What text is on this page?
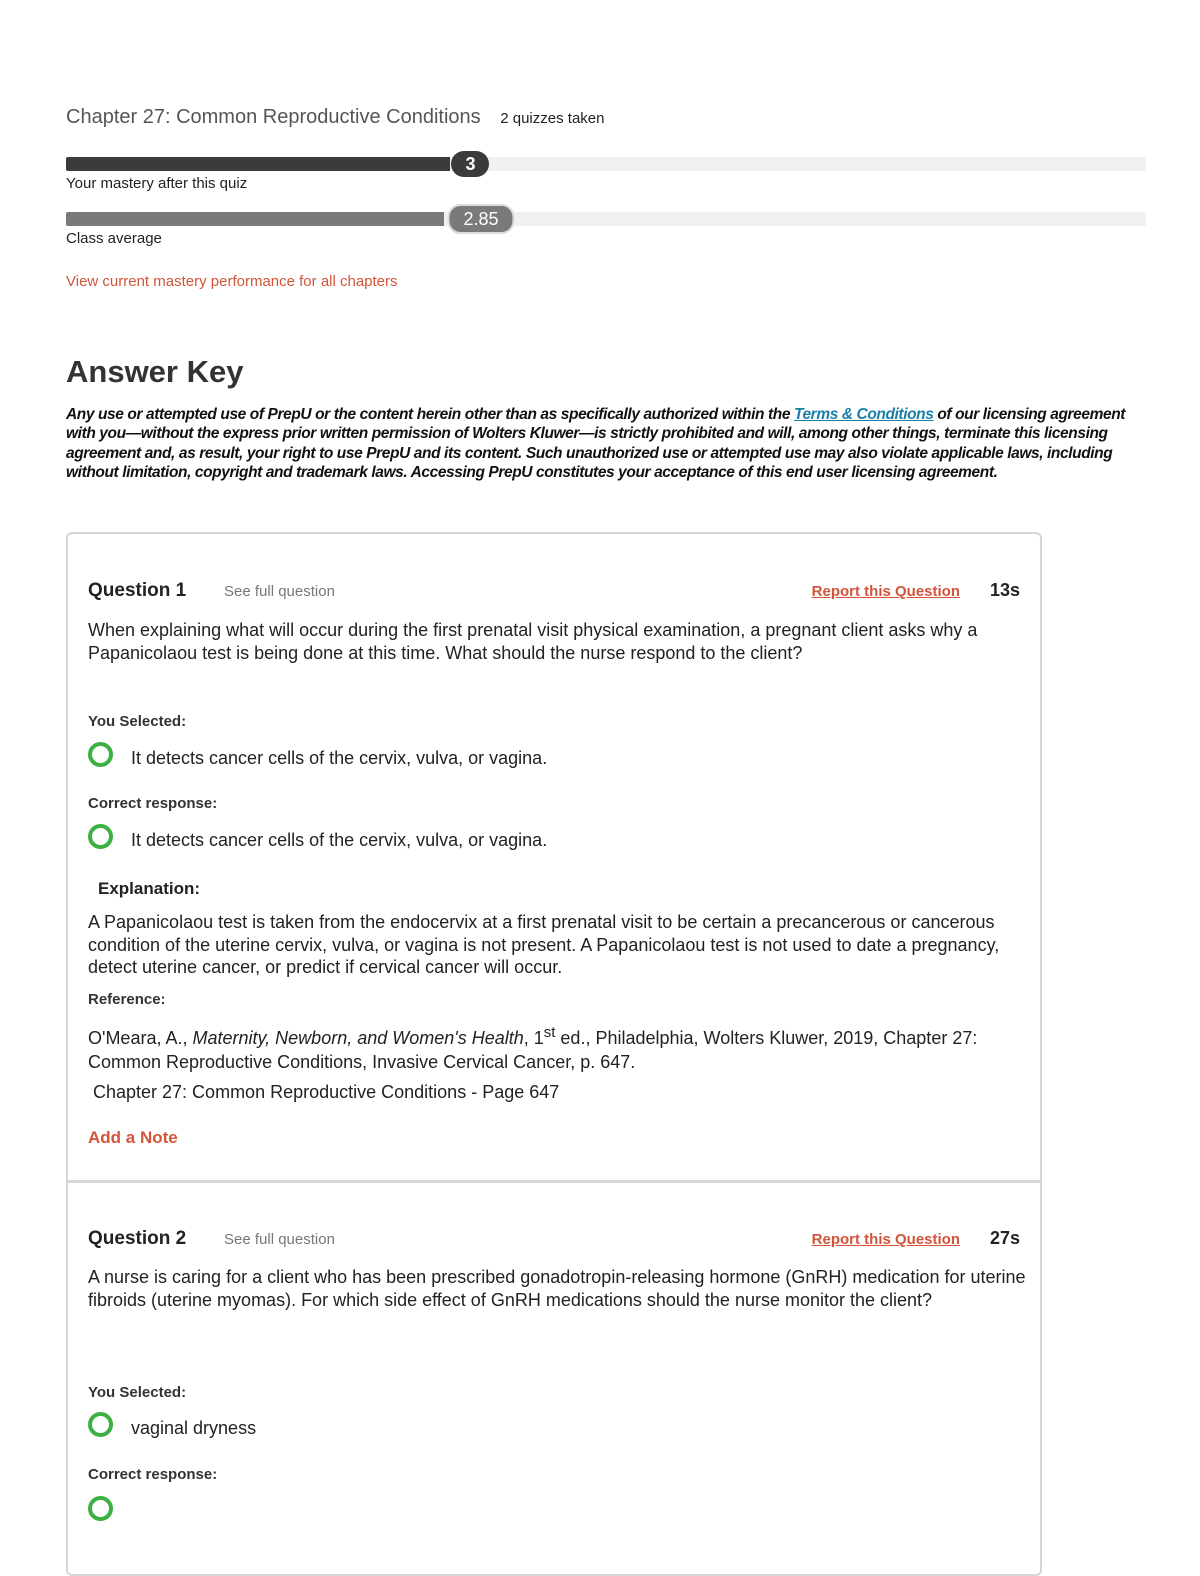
Chapter 27: Common Reproductive Conditions 2 quizzes taken
3
Your mastery after this quiz
2.85
Class average
View current mastery performance for all chapters
Answer Key
Any use or attempted use of PrepU or the content herein other than as specifically authorized within the Terms & Conditions of our licensing agreement with you—without the express prior written permission of Wolters Kluwer—is strictly prohibited and will, among other things, terminate this licensing agreement and, as result, your right to use PrepU and its content. Such unauthorized use or attempted use may also violate applicable laws, including without limitation, copyright and trademark laws. Accessing PrepU constitutes your acceptance of this end user licensing agreement.
Question 1	See full question	Report this Question 13s
When explaining what will occur during the first prenatal visit physical examination, a pregnant client asks why a Papanicolaou test is being done at this time. What should the nurse respond to the client?
You Selected:
It detects cancer cells of the cervix, vulva, or vagina.
Correct response:
It detects cancer cells of the cervix, vulva, or vagina.
Explanation:
A Papanicolaou test is taken from the endocervix at a first prenatal visit to be certain a precancerous or cancerous condition of the uterine cervix, vulva, or vagina is not present. A Papanicolaou test is not used to date a pregnancy, detect uterine cancer, or predict if cervical cancer will occur.
Reference:
O'Meara, A., Maternity, Newborn, and Women's Health, 1st ed., Philadelphia, Wolters Kluwer, 2019, Chapter 27: Common Reproductive Conditions, Invasive Cervical Cancer, p. 647.
Chapter 27: Common Reproductive Conditions - Page 647
Add a Note
Question 2	See full question	Report this Question 27s
A nurse is caring for a client who has been prescribed gonadotropin-releasing hormone (GnRH) medication for uterine fibroids (uterine myomas). For which side effect of GnRH medications should the nurse monitor the client?
You Selected:
vaginal dryness
Correct response:
